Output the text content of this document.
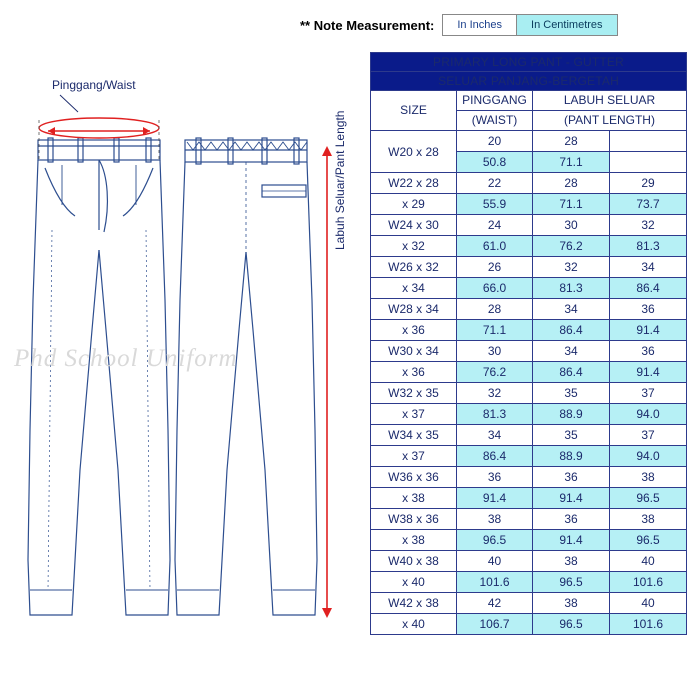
** Note Measurement:	In Inches	In Centimetres
Pinggang/Waist
Labuh Seluar/Pant Length
Phd School Uniform
PRIMARY LONG PANT - GUTTER			
SELUAR PANJANG-BERGETAH			
SIZE	PINGGANG	LABUH SELUAR	
	(WAIST)	(PANT LENGTH)	
W20 x 28	20	28	
	50.8	71.1	
W22 x 28	22	28	29
x 29	55.9	71.1	73.7
W24 x 30	24	30	32
x 32	61.0	76.2	81.3
W26 x 32	26	32	34
x 34	66.0	81.3	86.4
W28 x 34	28	34	36
x 36	71.1	86.4	91.4
W30 x 34	30	34	36
x 36	76.2	86.4	91.4
W32 x 35	32	35	37
x 37	81.3	88.9	94.0
W34 x 35	34	35	37
x 37	86.4	88.9	94.0
W36 x 36	36	36	38
x 38	91.4	91.4	96.5
W38 x 36	38	36	38
x 38	96.5	91.4	96.5
W40 x 38	40	38	40
x 40	101.6	96.5	101.6
W42 x 38	42	38	40
x 40	106.7	96.5	101.6
